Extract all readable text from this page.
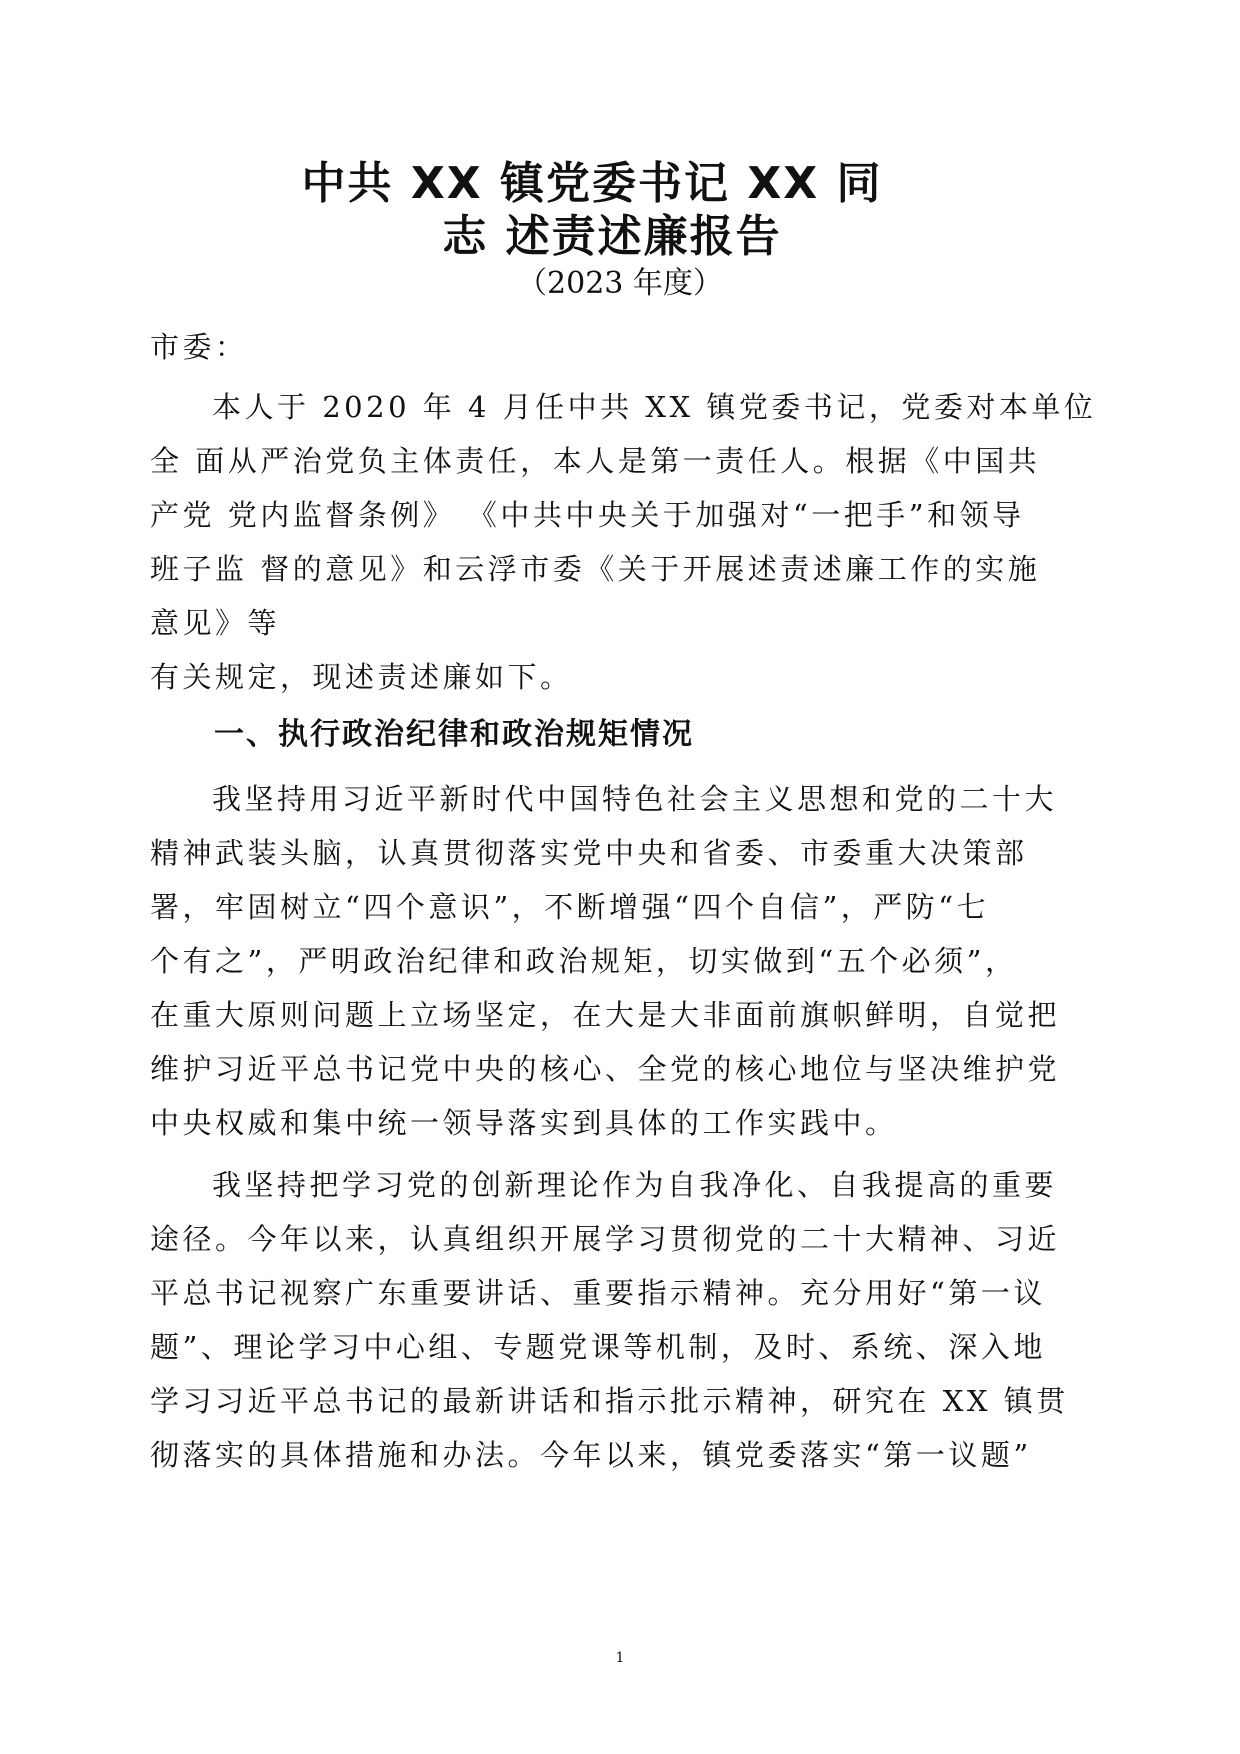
中共 XX 镇党委书记 XX 同
志 述责述廉报告
（2023 年度）
市委：
本人于 2020 年 4 月任中共 XX 镇党委书记，党委对本单位
全 面从严治党负主体责任，本人是第一责任人。根据《中国共
产党 党内监督条例》 《中共中央关于加强对“一把手”和领导
班子监 督的意见》和云浮市委《关于开展述责述廉工作的实施
意见》等
有关规定，现述责述廉如下。
一、执行政治纪律和政治规矩情况
我坚持用习近平新时代中国特色社会主义思想和党的二十大
精神武装头脑，认真贯彻落实党中央和省委、市委重大决策部
署，牢固树立“四个意识”，不断增强“四个自信”，严防“七
个有之”，严明政治纪律和政治规矩，切实做到“五个必须”，
在重大原则问题上立场坚定，在大是大非面前旗帜鲜明，自觉把
维护习近平总书记党中央的核心、全党的核心地位与坚决维护党
中央权威和集中统一领导落实到具体的工作实践中。
我坚持把学习党的创新理论作为自我净化、自我提高的重要
途径。今年以来，认真组织开展学习贯彻党的二十大精神、习近
平总书记视察广东重要讲话、重要指示精神。充分用好“第一议
题”、理论学习中心组、专题党课等机制，及时、系统、深入地
学习习近平总书记的最新讲话和指示批示精神，研究在 XX 镇贯
彻落实的具体措施和办法。今年以来，镇党委落实“第一议题”
1
